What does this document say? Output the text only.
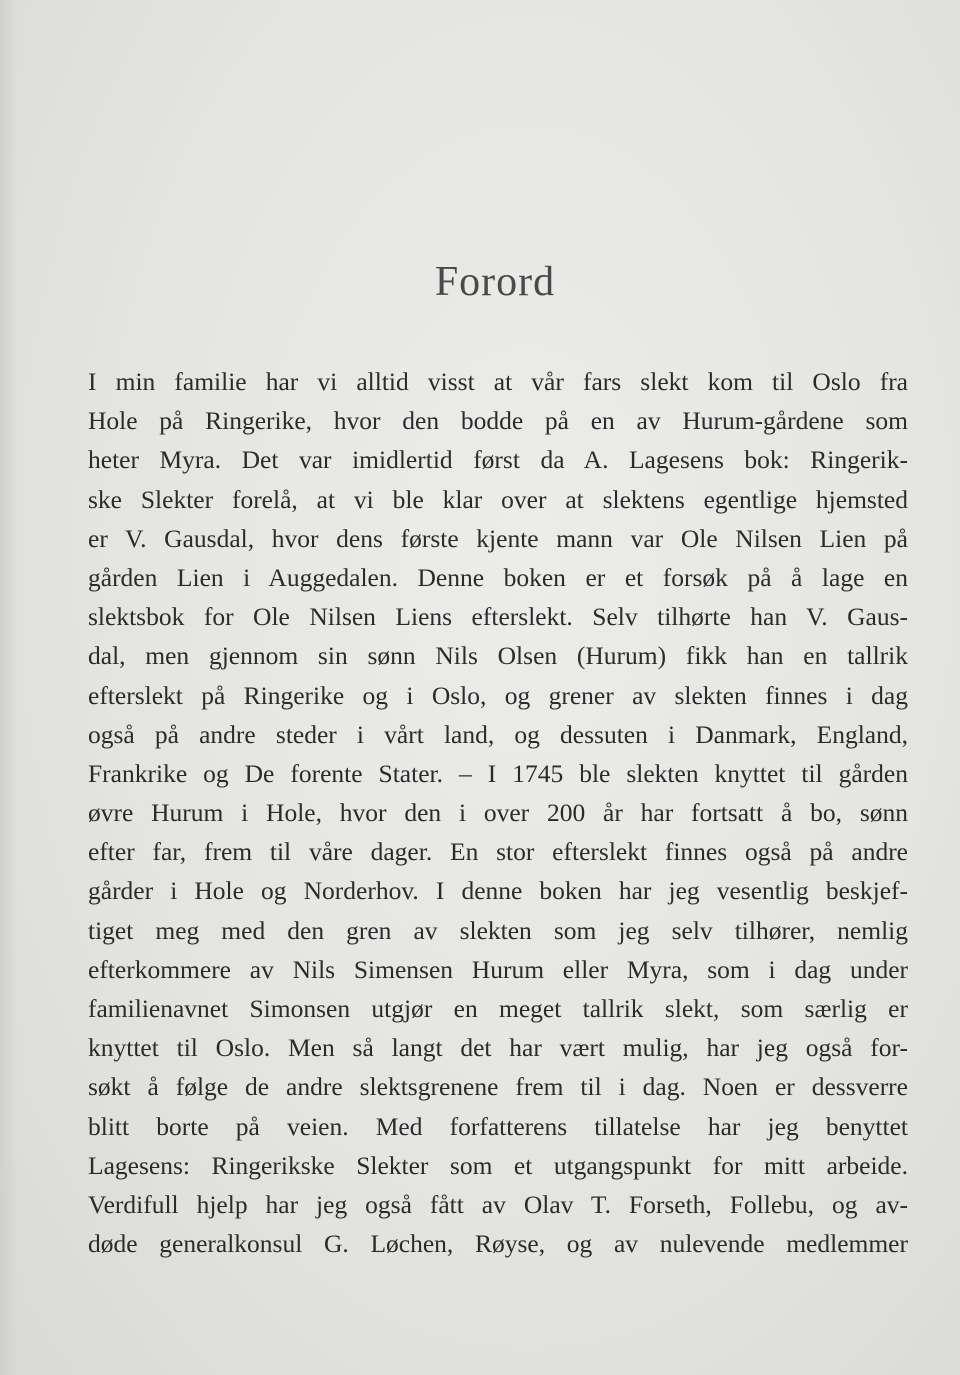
Forord
I min familie har vi alltid visst at vår fars slekt kom til Oslo fra
Hole på Ringerike, hvor den bodde på en av Hurum-gårdene som
heter Myra. Det var imidlertid først da A. Lagesens bok: Ringerik-
ske Slekter forelå, at vi ble klar over at slektens egentlige hjemsted
er V. Gausdal, hvor dens første kjente mann var Ole Nilsen Lien på
gården Lien i Auggedalen. Denne boken er et forsøk på å lage en
slektsbok for Ole Nilsen Liens efterslekt. Selv tilhørte han V. Gaus-
dal, men gjennom sin sønn Nils Olsen (Hurum) fikk han en tallrik
efterslekt på Ringerike og i Oslo, og grener av slekten finnes i dag
også på andre steder i vårt land, og dessuten i Danmark, England,
Frankrike og De forente Stater. – I 1745 ble slekten knyttet til gården
øvre Hurum i Hole, hvor den i over 200 år har fortsatt å bo, sønn
efter far, frem til våre dager. En stor efterslekt finnes også på andre
gårder i Hole og Norderhov. I denne boken har jeg vesentlig beskjef-
tiget meg med den gren av slekten som jeg selv tilhører, nemlig
efterkommere av Nils Simensen Hurum eller Myra, som i dag under
familienavnet Simonsen utgjør en meget tallrik slekt, som særlig er
knyttet til Oslo. Men så langt det har vært mulig, har jeg også for-
søkt å følge de andre slektsgrenene frem til i dag. Noen er dessverre
blitt borte på veien. Med forfatterens tillatelse har jeg benyttet
Lagesens: Ringerikske Slekter som et utgangspunkt for mitt arbeide.
Verdifull hjelp har jeg også fått av Olav T. Forseth, Follebu, og av-
døde generalkonsul G. Løchen, Røyse, og av nulevende medlemmer
